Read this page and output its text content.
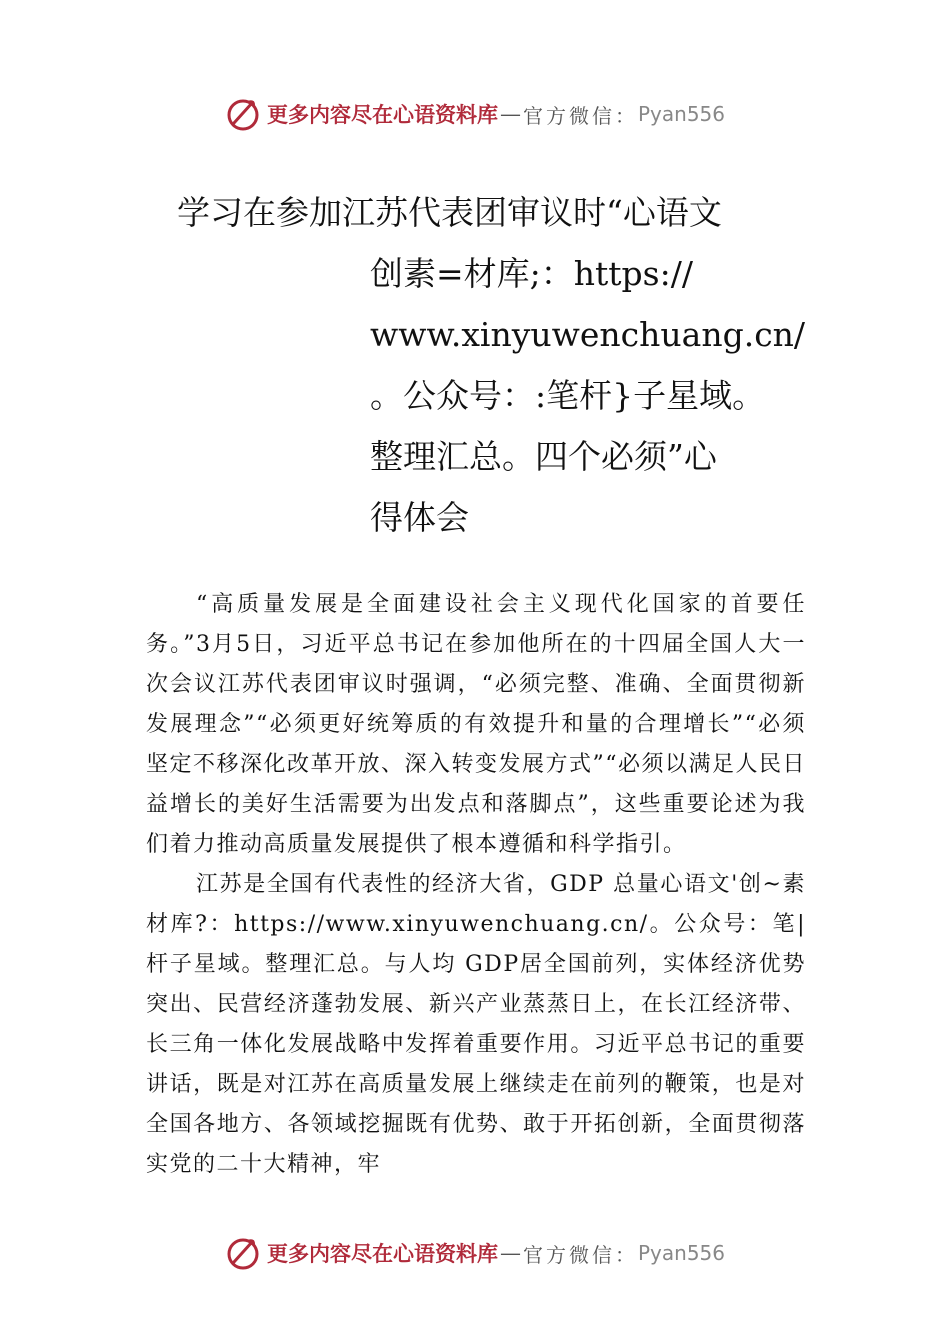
更多内容尽在心语资料库 — 官方微信： Pyan556
学习在参加江苏代表团审议时“心语文
创素=材库;：https://
www.xinyuwenchuang.cn/
。公众号：:笔杆}子星域。
整理汇总。四个必须”心
得体会

“高质量发展是全面建设社会主义现代化国家的首要任务。”3月5日，习近平总书记在参加他所在的十四届全国人大一次会议江苏代表团审议时强调，“必须完整、准确、全面贯彻新发展理念”“必须更好统筹质的有效提升和量的合理增长”“必须坚定不移深化改革开放、深入转变发展方式”“必须以满足人民日益增长的美好生活需要为出发点和落脚点”，这些重要论述为我们着力推动高质量发展提供了根本遵循和科学指引。

江苏是全国有代表性的经济大省，GDP 总量心语文'创~素材库?：https://www.xinyuwenchuang.cn/。公众号：笔|杆子星域。整理汇总。与人均 GDP居全国前列，实体经济优势突出、民营经济蓬勃发展、新兴产业蒸蒸日上，在长江经济带、长三角一体化发展战略中发挥着重要作用。习近平总书记的重要讲话，既是对江苏在高质量发展上继续走在前列的鞭策，也是对全国各地方、各领域挖掘既有优势、敢于开拓创新，全面贯彻落实党的二十大精神，牢

更多内容尽在心语资料库 — 官方微信： Pyan556
